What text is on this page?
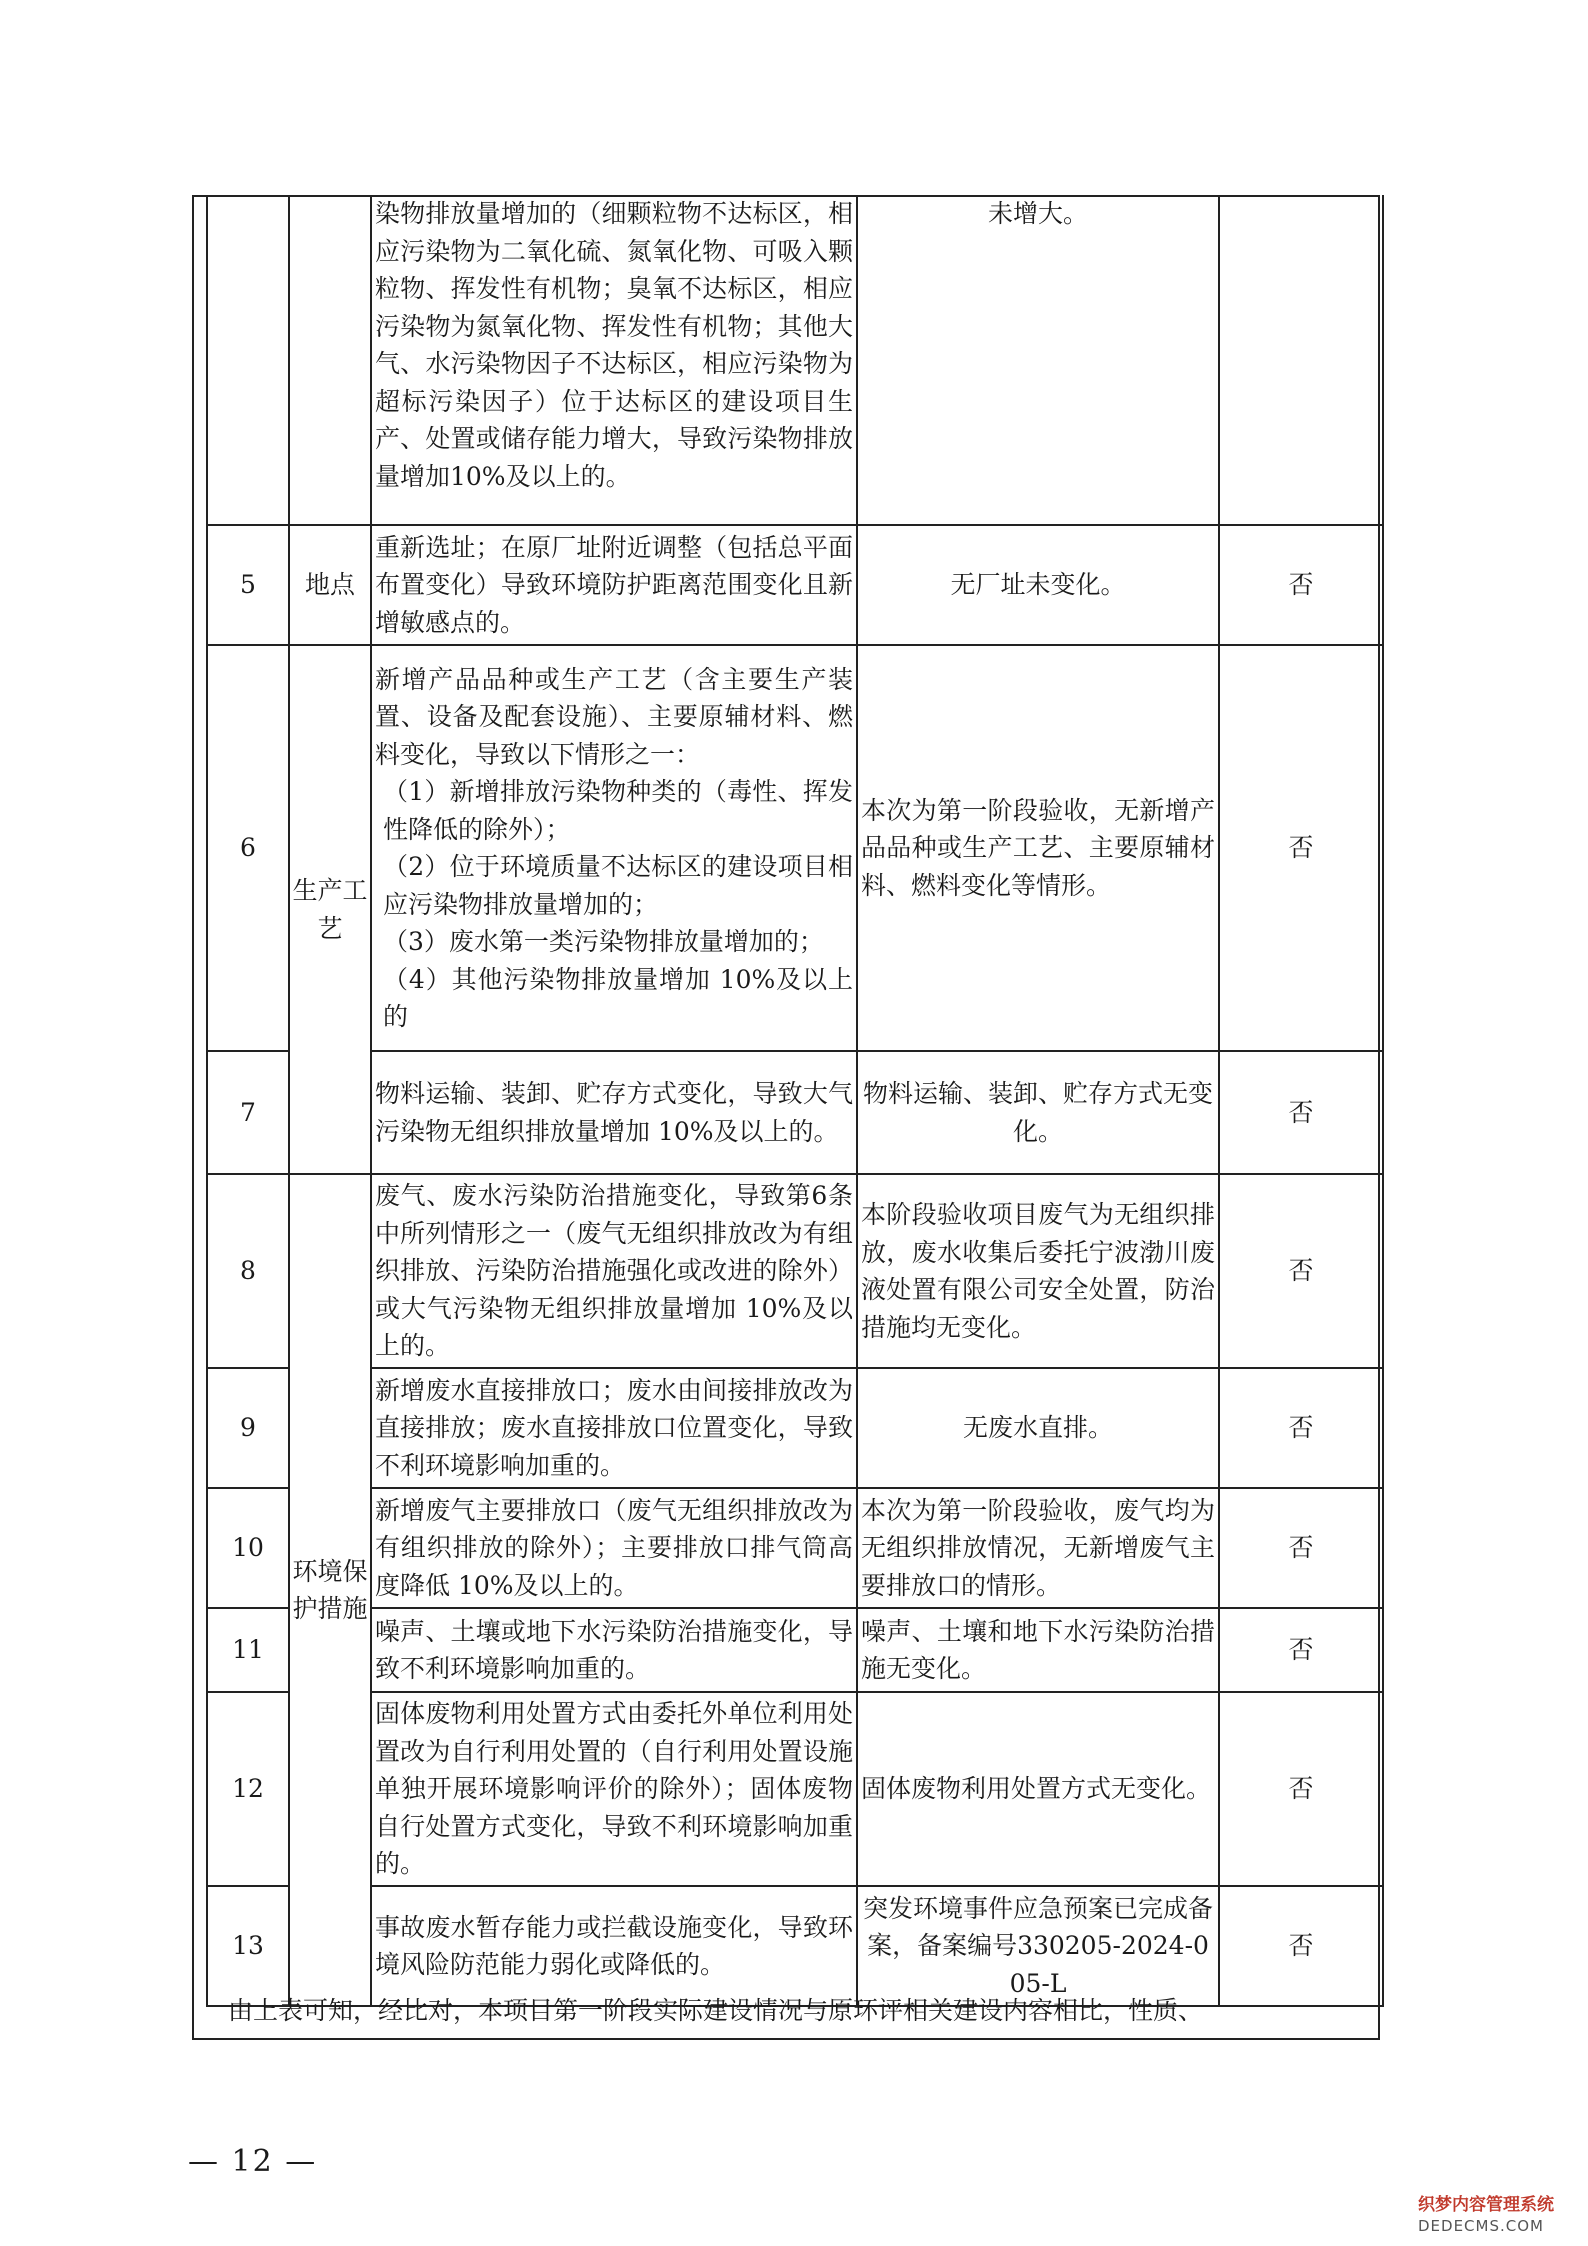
		染物排放量增加的（细颗粒物不达标区，相应污染物为二氧化硫、氮氧化物、可吸入颗粒物、挥发性有机物；臭氧不达标区，相应污染物为氮氧化物、挥发性有机物；其他大气、水污染物因子不达标区，相应污染物为超标污染因子）位于达标区的建设项目生产、处置或储存能力增大，导致污染物排放量增加10%及以上的。	未增大。	
5	地点	重新选址；在原厂址附近调整（包括总平面布置变化）导致环境防护距离范围变化且新增敏感点的。	无厂址未变化。	否
6	生产工艺	新增产品品种或生产工艺（含主要生产装置、设备及配套设施）、主要原辅材料、燃料变化，导致以下情形之一：

（1）新增排放污染物种类的（毒性、挥发性降低的除外）；

（2）位于环境质量不达标区的建设项目相应污染物排放量增加的；

（3）废水第一类污染物排放量增加的；

（4）其他污染物排放量增加 10%及以上的	本次为第一阶段验收，无新增产品品种或生产工艺、主要原辅材料、燃料变化等情形。	否
7		物料运输、装卸、贮存方式变化，导致大气污染物无组织排放量增加 10%及以上的。	物料运输、装卸、贮存方式无变化。	否
8	环境保护措施	废气、废水污染防治措施变化，导致第6条中所列情形之一（废气无组织排放改为有组织排放、污染防治措施强化或改进的除外）或大气污染物无组织排放量增加 10%及以上的。	本阶段验收项目废气为无组织排放，废水收集后委托宁波渤川废液处置有限公司安全处置，防治措施均无变化。	否
9		新增废水直接排放口；废水由间接排放改为直接排放；废水直接排放口位置变化，导致不利环境影响加重的。	无废水直排。	否
10		新增废气主要排放口（废气无组织排放改为有组织排放的除外）；主要排放口排气筒高度降低 10%及以上的。	本次为第一阶段验收，废气均为无组织排放情况，无新增废气主要排放口的情形。	否
11		噪声、土壤或地下水污染防治措施变化，导致不利环境影响加重的。	噪声、土壤和地下水污染防治措施无变化。	否
12		固体废物利用处置方式由委托外单位利用处置改为自行利用处置的（自行利用处置设施单独开展环境影响评价的除外）；固体废物自行处置方式变化，导致不利环境影响加重的。	固体废物利用处置方式无变化。	否
13		事故废水暂存能力或拦截设施变化，导致环境风险防范能力弱化或降低的。	突发环境事件应急预案已完成备案，备案编号330205-2024-005-L	否
由上表可知，经比对，本项目第一阶段实际建设情况与原环评相关建设内容相比，性质、
— 12 —
织梦内容管理系统
DEDECMS.COM
